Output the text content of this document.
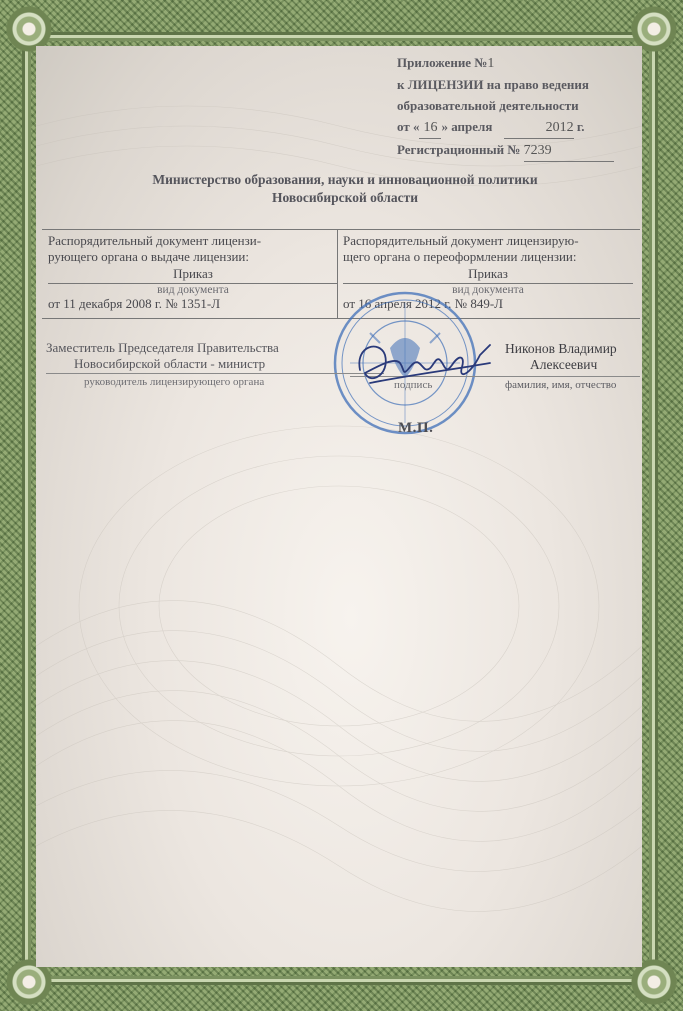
Приложение №1
к ЛИЦЕНЗИИ на право ведения
образовательной деятельности
от « 16 » апреля	2012 г.
Регистрационный № 7239
Министерство образования, науки и инновационной политики
Новосибирской области
Распорядительный документ лицензи-
рующего органа о выдаче лицензии:
Приказ
вид документа
от 11 декабря 2008 г. № 1351-Л
Распорядительный документ лицензирую-
щего органа о переоформлении лицензии:
Приказ
вид документа
от 16 апреля 2012 г. № 849-Л
Заместитель Председателя Правительства
Новосибирской области - министр
руководитель лицензирующего органа	подпись
Никонов Владимир
Алексеевич
фамилия, имя, отчество
М.П.
